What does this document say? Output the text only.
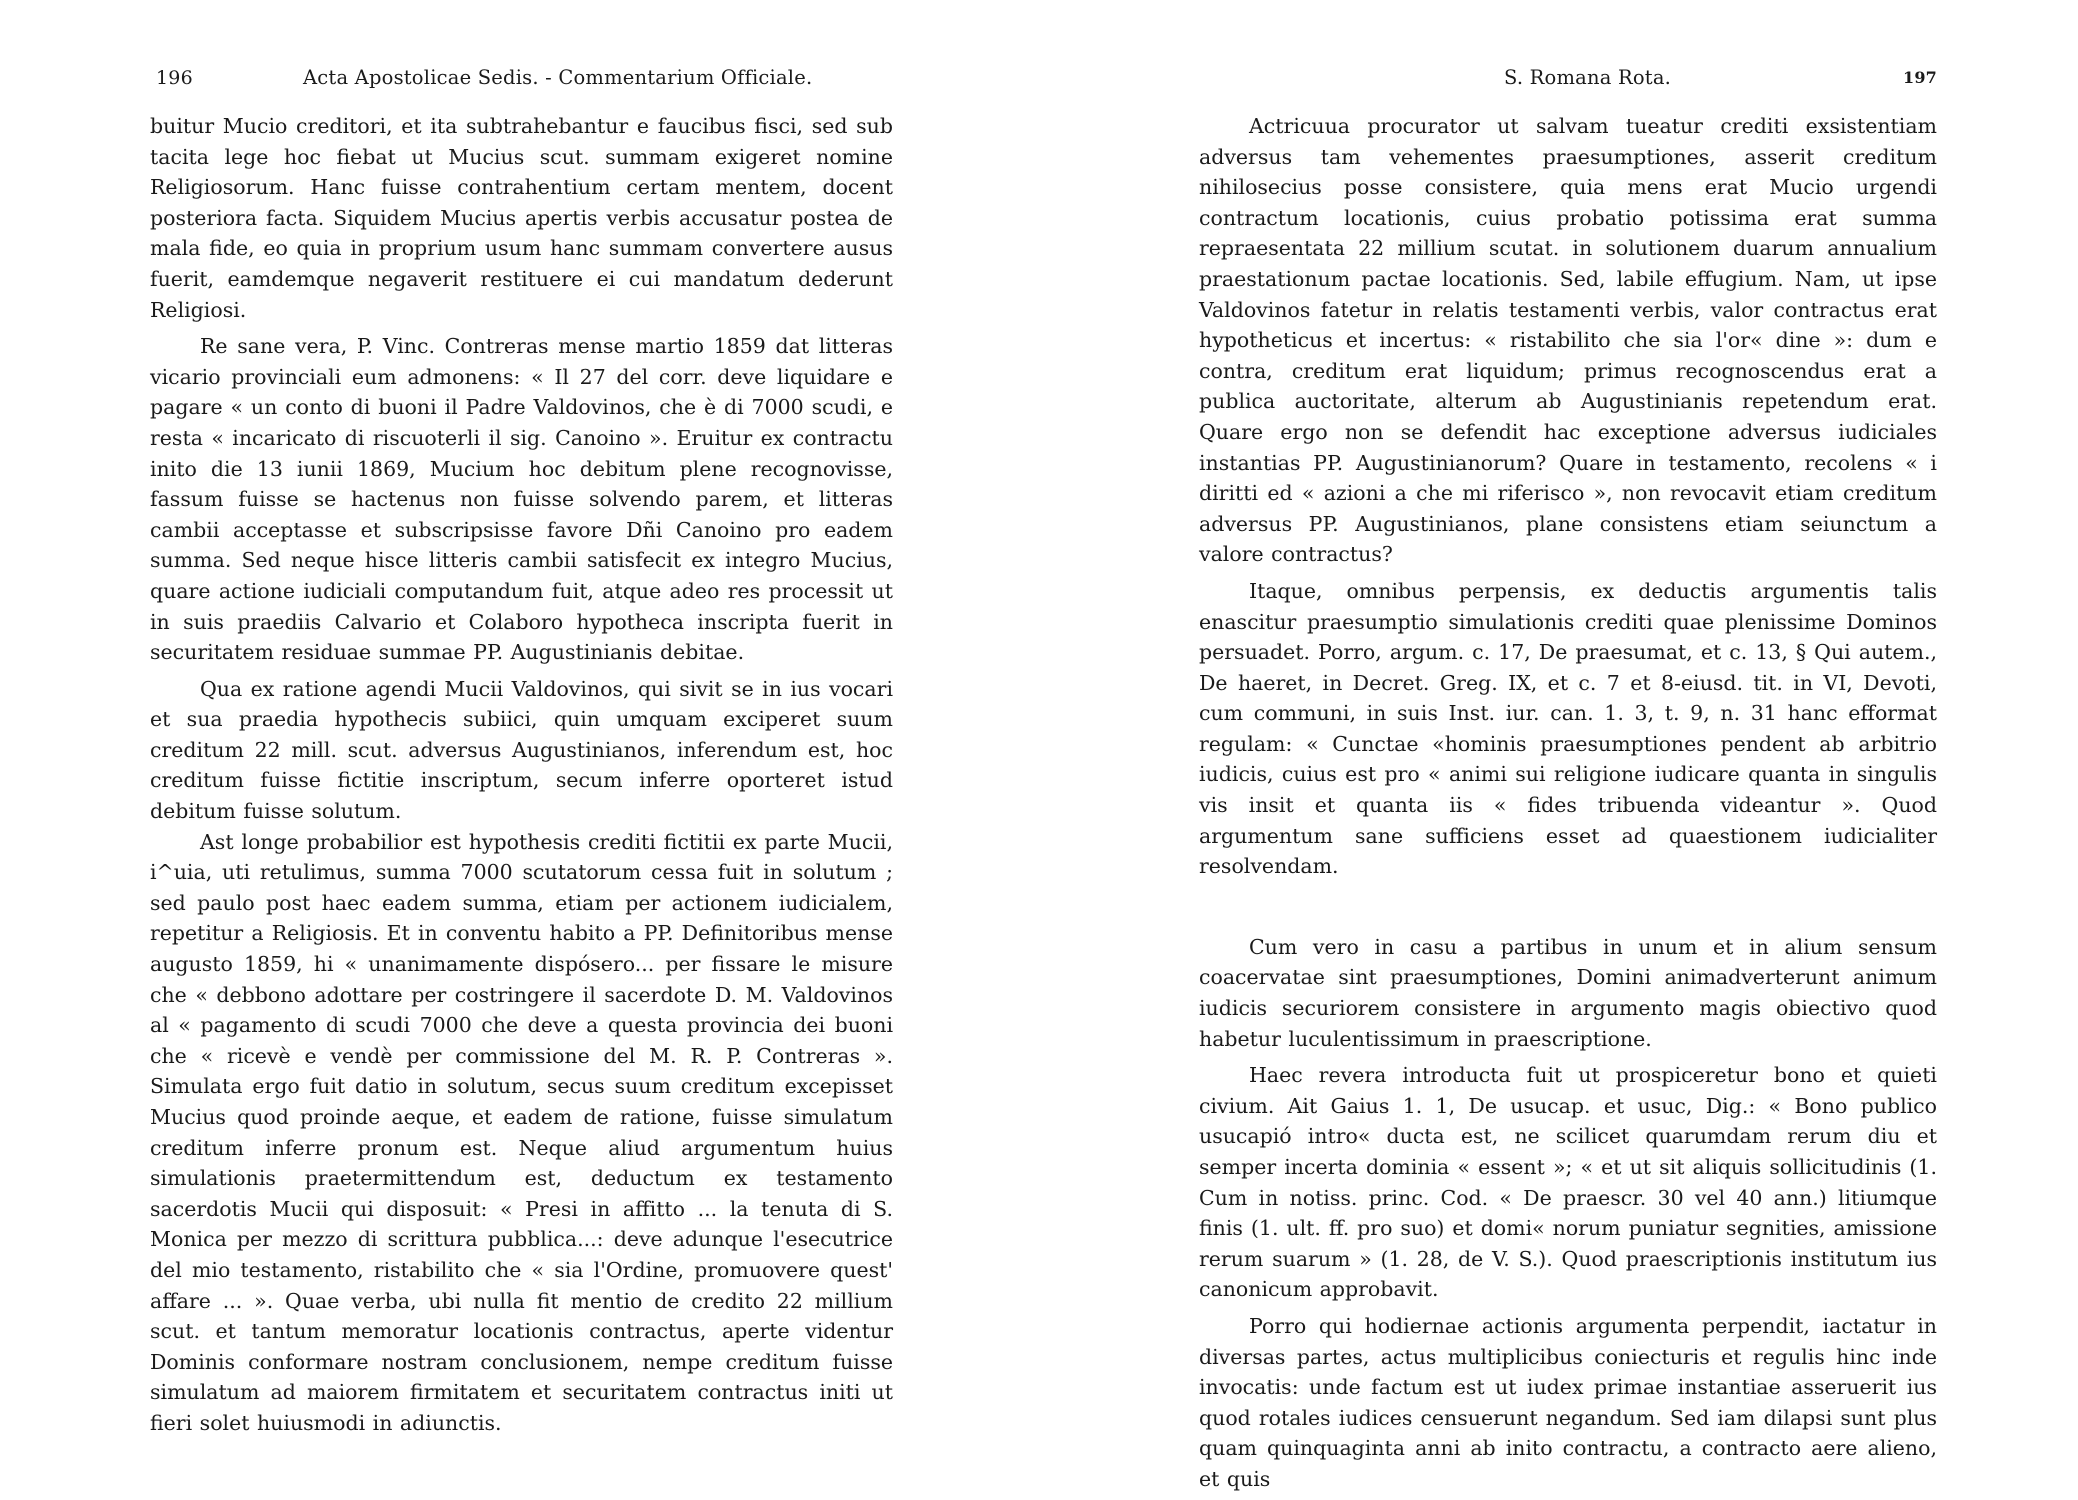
196	Acta Apostolicae Sedis. - Commentarium Officiale.

buitur Mucio creditori, et ita subtrahebantur e faucibus fisci, sed sub tacita lege hoc fiebat ut Mucius scut. summam exigeret nomine Religiosorum. Hanc fuisse contrahentium certam mentem, docent posteriora facta. Siquidem Mucius apertis verbis accusatur postea de mala fide, eo quia in proprium usum hanc summam convertere ausus fuerit, eamdemque negaverit restituere ei cui mandatum dederunt Religiosi.

Re sane vera, P. Vinc. Contreras mense martio 1859 dat litteras vicario provinciali eum admonens: « Il 27 del corr. deve liquidare e pagare « un conto di buoni il Padre Valdovinos, che è di 7000 scudi, e resta « incaricato di riscuoterli il sig. Canoino ». Eruitur ex contractu inito die 13 iunii 1869, Mucium hoc debitum plene recognovisse, fassum fuisse se hactenus non fuisse solvendo parem, et litteras cambii acceptasse et subscripsisse favore Dñi Canoino pro eadem summa. Sed neque hisce litteris cambii satisfecit ex integro Mucius, quare actione iudiciali computandum fuit, atque adeo res processit ut in suis praediis Calvario et Colaboro hypotheca inscripta fuerit in securitatem residuae summae PP. Augustinianis debitae.

Qua ex ratione agendi Mucii Valdovinos, qui sivit se in ius vocari et sua praedia hypothecis subiici, quin umquam exciperet suum creditum 22 mill. scut. adversus Augustinianos, inferendum est, hoc creditum fuisse fictitie inscriptum, secum inferre oporteret istud debitum fuisse solutum.

Ast longe probabilior est hypothesis crediti fictitii ex parte Mucii, i^uia, uti retulimus, summa 7000 scutatorum cessa fuit in solutum ; sed paulo post haec eadem summa, etiam per actionem iudicialem, repetitur a Religiosis. Et in conventu habito a PP. Definitoribus mense augusto 1859, hi « unanimamente dispósero... per fissare le misure che « debbono adottare per costringere il sacerdote D. M. Valdovinos al « pagamento di scudi 7000 che deve a questa provincia dei buoni che « ricevè e vendè per commissione del M. R. P. Contreras ». Simulata ergo fuit datio in solutum, secus suum creditum excepisset Mucius quod proinde aeque, et eadem de ratione, fuisse simulatum creditum inferre pronum est. Neque aliud argumentum huius simulationis praetermittendum est, deductum ex testamento sacerdotis Mucii qui disposuit: « Presi in affitto ... la tenuta di S. Monica per mezzo di scrittura pubblica...: deve adunque l'esecutrice del mio testamento, ristabilito che « sia l'Ordine, promuovere quest' affare ... ». Quae verba, ubi nulla fit mentio de credito 22 millium scut. et tantum memoratur locationis contractus, aperte videntur Dominis conformare nostram conclusionem, nempe creditum fuisse simulatum ad maiorem firmitatem et securitatem contractus initi ut fieri solet huiusmodi in adiunctis.

S. Romana Rota.	197

Actricuua procurator ut salvam tueatur crediti exsistentiam adversus tam vehementes praesumptiones, asserit creditum nihilosecius posse consistere, quia mens erat Mucio urgendi contractum locationis, cuius probatio potissima erat summa repraesentata 22 millium scutat. in solutionem duarum annualium praestationum pactae locationis. Sed, labile effugium. Nam, ut ipse Valdovinos fatetur in relatis testamenti verbis, valor contractus erat hypotheticus et incertus: « ristabilito che sia l'or« dine »: dum e contra, creditum erat liquidum; primus recognoscendus erat a publica auctoritate, alterum ab Augustinianis repetendum erat. Quare ergo non se defendit hac exceptione adversus iudiciales instantias PP. Augustinianorum? Quare in testamento, recolens « i diritti ed « azioni a che mi riferisco », non revocavit etiam creditum adversus PP. Augustinianos, plane consistens etiam seiunctum a valore contractus?

Itaque, omnibus perpensis, ex deductis argumentis talis enascitur praesumptio simulationis crediti quae plenissime Dominos persuadet. Porro, argum. c. 17, De praesumat, et c. 13, § Qui autem., De haeret, in Decret. Greg. IX, et c. 7 et 8-eiusd. tit. in VI, Devoti, cum communi, in suis Inst. iur. can. 1. 3, t. 9, n. 31 hanc efformat regulam: « Cunctae «hominis praesumptiones pendent ab arbitrio iudicis, cuius est pro « animi sui religione iudicare quanta in singulis vis insit et quanta iis « fides tribuenda videantur ». Quod argumentum sane sufficiens esset ad quaestionem iudicialiter resolvendam.

Cum vero in casu a partibus in unum et in alium sensum coacervatae sint praesumptiones, Domini animadverterunt animum iudicis securiorem consistere in argumento magis obiectivo quod habetur luculentissimum in praescriptione.

Haec revera introducta fuit ut prospiceretur bono et quieti civium. Ait Gaius 1. 1, De usucap. et usuc, Dig.: « Bono publico usucapió intro« ducta est, ne scilicet quarumdam rerum diu et semper incerta dominia « essent »; « et ut sit aliquis sollicitudinis (1. Cum in notiss. princ. Cod. « De praescr. 30 vel 40 ann.) litiumque finis (1. ult. ff. pro suo) et domi« norum puniatur segnities, amissione rerum suarum » (1. 28, de V. S.). Quod praescriptionis institutum ius canonicum approbavit.

Porro qui hodiernae actionis argumenta perpendit, iactatur in diversas partes, actus multiplicibus coniecturis et regulis hinc inde invocatis: unde factum est ut iudex primae instantiae asseruerit ius quod rotales iudices censuerunt negandum. Sed iam dilapsi sunt plus quam quinquaginta anni ab inito contractu, a contracto aere alieno, et quis
